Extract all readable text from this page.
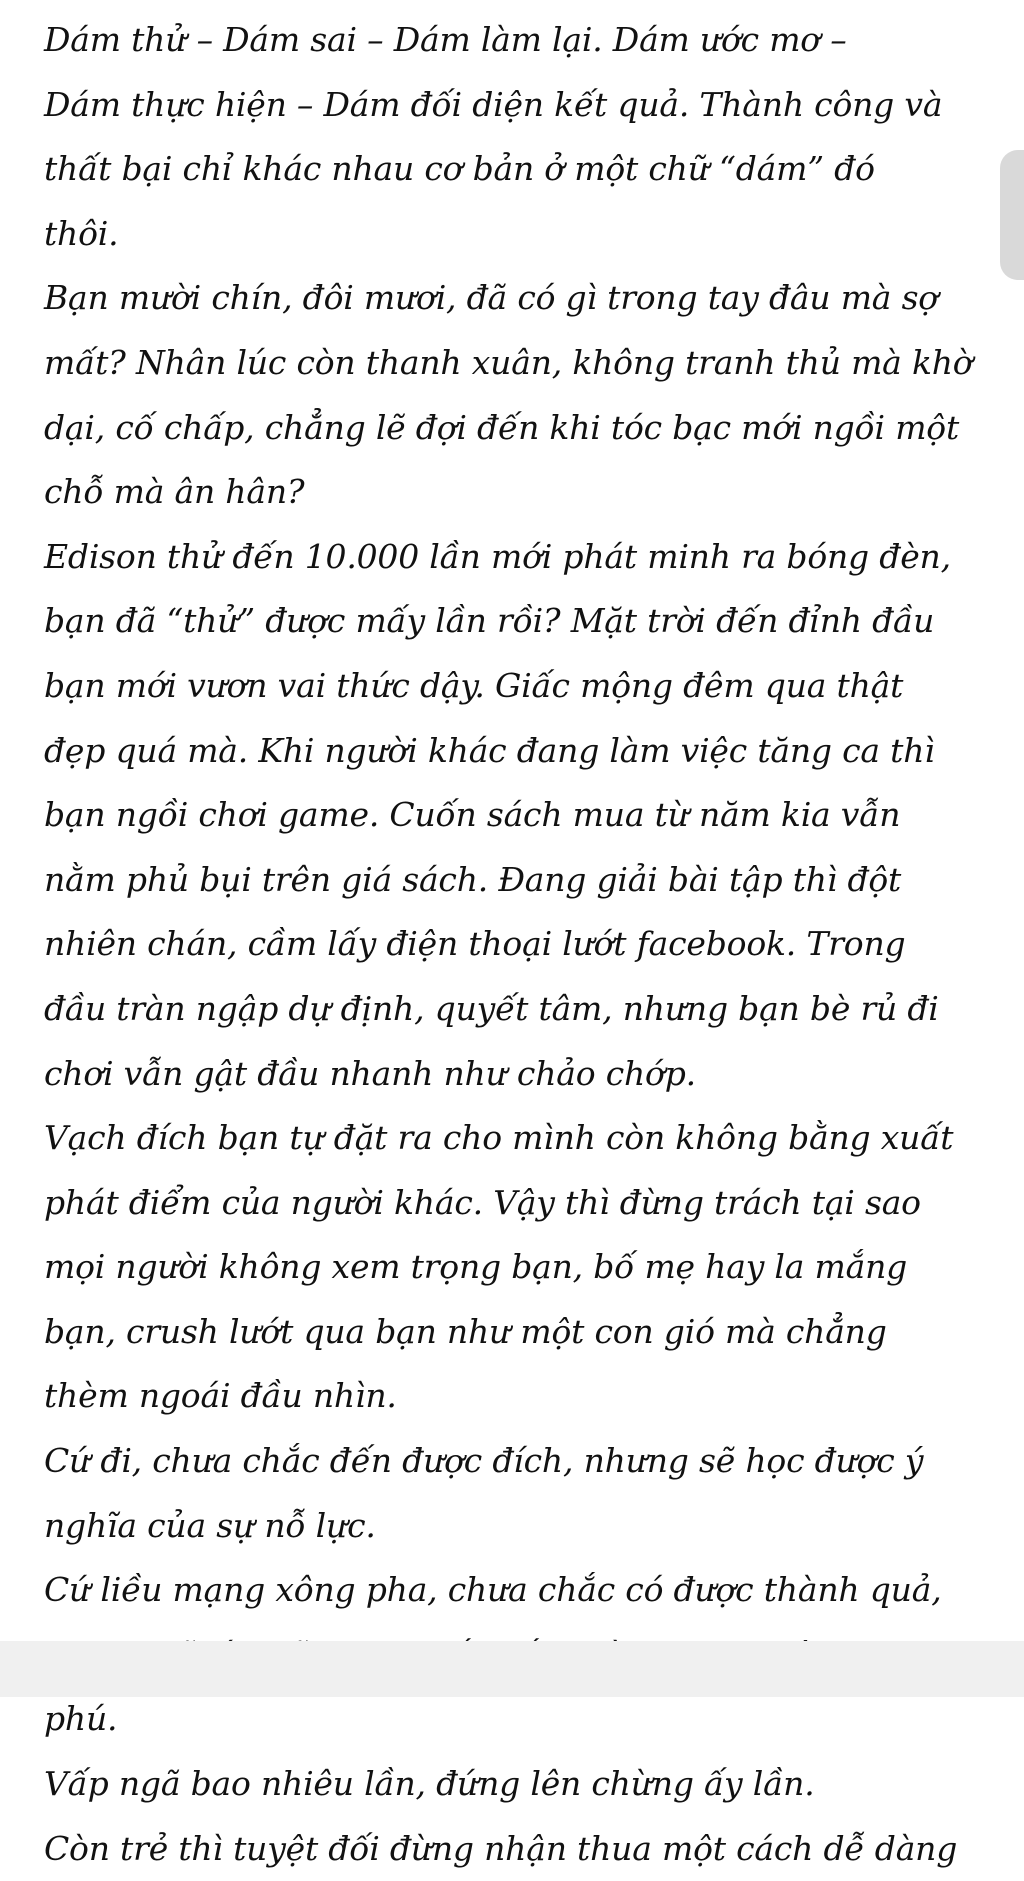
Dám thử – Dám sai – Dám làm lại. Dám ước mơ –
Dám thực hiện – Dám đối diện kết quả. Thành công và
thất bại chỉ khác nhau cơ bản ở một chữ “dám” đó
thôi.
Bạn mười chín, đôi mươi, đã có gì trong tay đâu mà sợ
mất? Nhân lúc còn thanh xuân, không tranh thủ mà khờ
dại, cố chấp, chẳng lẽ đợi đến khi tóc bạc mới ngồi một
chỗ mà ân hân?
Edison thử đến 10.000 lần mới phát minh ra bóng đèn,
bạn đã “thử” được mấy lần rồi? Mặt trời đến đỉnh đầu
bạn mới vươn vai thức dậy. Giấc mộng đêm qua thật
đẹp quá mà. Khi người khác đang làm việc tăng ca thì
bạn ngồi chơi game. Cuốn sách mua từ năm kia vẫn
nằm phủ bụi trên giá sách. Đang giải bài tập thì đột
nhiên chán, cầm lấy điện thoại lướt facebook. Trong
đầu tràn ngập dự định, quyết tâm, nhưng bạn bè rủ đi
chơi vẫn gật đầu nhanh như chảo chớp.
Vạch đích bạn tự đặt ra cho mình còn không bằng xuất
phát điểm của người khác. Vậy thì đừng trách tại sao
mọi người không xem trọng bạn, bố mẹ hay la mắng
bạn, crush lướt qua bạn như một con gió mà chẳng
thèm ngoái đầu nhìn.
Cứ đi, chưa chắc đến được đích, nhưng sẽ học được ý
nghĩa của sự nỗ lực.
Cứ liều mạng xông pha, chưa chắc có được thành quả,
phú.
Vấp ngã bao nhiêu lần, đứng lên chừng ấy lần.
Còn trẻ thì tuyệt đối đừng nhận thua một cách dễ dàng
